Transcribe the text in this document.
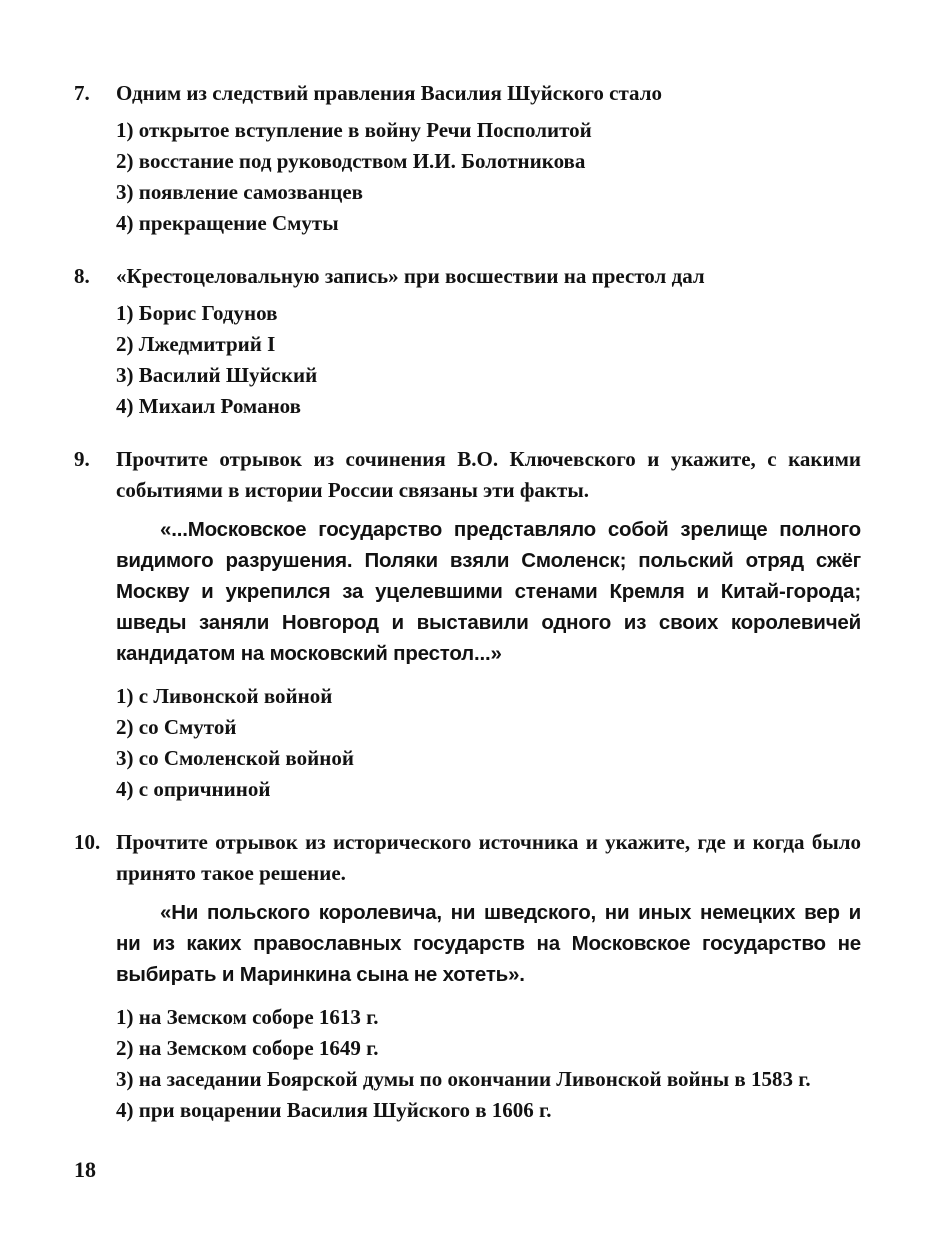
7.	Одним из следствий правления Василия Шуйского стало
1) открытое вступление в войну Речи Посполитой
2) восстание под руководством И.И. Болотникова
3) появление самозванцев
4) прекращение Смуты
8.	«Крестоцеловальную запись» при восшествии на престол дал
1) Борис Годунов
2) Лжедмитрий I
3) Василий Шуйский
4) Михаил Романов
9.	Прочтите отрывок из сочинения В.О. Ключевского и укажите, с какими событиями в истории России связаны эти факты.
«...Московское государство представляло собой зрелище полного видимого разрушения. Поляки взяли Смоленск; польский отряд сжёг Москву и укрепился за уцелевшими стенами Кремля и Китай-города; шведы заняли Новгород и выставили одного из своих королевичей кандидатом на московский престол...»
1) с Ливонской войной
2) со Смутой
3) со Смоленской войной
4) с опричниной
10. Прочтите отрывок из исторического источника и укажите, где и когда было принято такое решение.
«Ни польского королевича, ни шведского, ни иных немецких вер и ни из каких православных государств на Московское государство не выбирать и Маринкина сына не хотеть».
1) на Земском соборе 1613 г.
2) на Земском соборе 1649 г.
3) на заседании Боярской думы по окончании Ливонской войны в 1583 г.
4) при воцарении Василия Шуйского в 1606 г.
18
